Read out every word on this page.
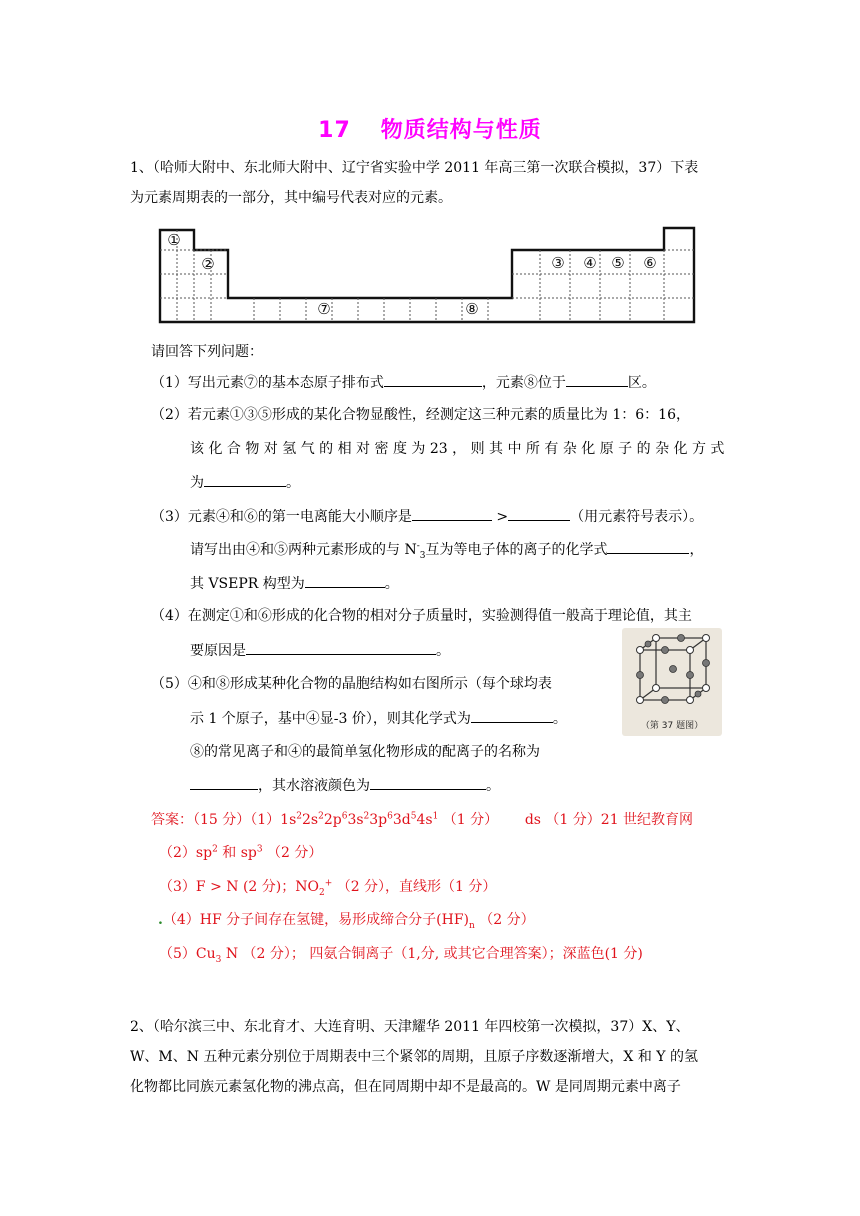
17 物质结构与性质
1、（哈师大附中、东北师大附中、辽宁省实验中学 2011 年高三第一次联合模拟，37）下表
为元素周期表的一部分，其中编号代表对应的元素。
①
②	③ ④ ⑤ ⑥
⑦	⑧
请回答下列问题：
（1）写出元素⑦的基本态原子排布式	，元素⑧位于	区。
（2）若元素①③⑤形成的某化合物显酸性，经测定这三种元素的质量比为 1：6：16，
该 化 合 物 对 氢 气 的 相 对 密 度 为 23 ， 则 其 中 所 有 杂 化 原 子 的 杂 化 方 式
为	。
（3）元素④和⑥的第一电离能大小顺序是	>	（用元素符号表示）。
请写出由④和⑤两种元素形成的与 $N^-_3$互为等电子体的离子的化学式	，
其 VSEPR 构型为	。
（4）在测定①和⑥形成的化合物的相对分子质量时，实验测得值一般高于理论值，其主
要原因是	。
（第 37 题图）
（5）④和⑧形成某种化合物的晶胞结构如右图所示（每个球均表
示 1 个原子，基中④显-3 价），则其化学式为	。
⑧的常见离子和④的最简单氢化物形成的配离子的名称为
，其水溶液颜色为	。
答案：（15 分）$(1)1s^22s^22p^63s^23p^63d^54s^1$ （1 分） ds （1 分）21 世纪教育网
$(2)sp^2$ 和 $sp^3$ （2 分）
（3）F > N (2 分)；$NO_2^+$ （2 分），直线形（1 分）
.（4）HF 分子间存在氢键，易形成缔合分子$(HF)_n$ （2 分）
$(5)Cu_3$ N （2 分）； 四氨合铜离子（1,分, 或其它合理答案）；深蓝色(1 分)
2、（哈尔滨三中、东北育才、大连育明、天津耀华 2011 年四校第一次模拟，37）X、Y、
W、M、N 五种元素分别位于周期表中三个紧邻的周期，且原子序数逐渐增大，X 和 Y 的氢
化物都比同族元素氢化物的沸点高，但在同周期中却不是最高的。W 是同周期元素中离子
